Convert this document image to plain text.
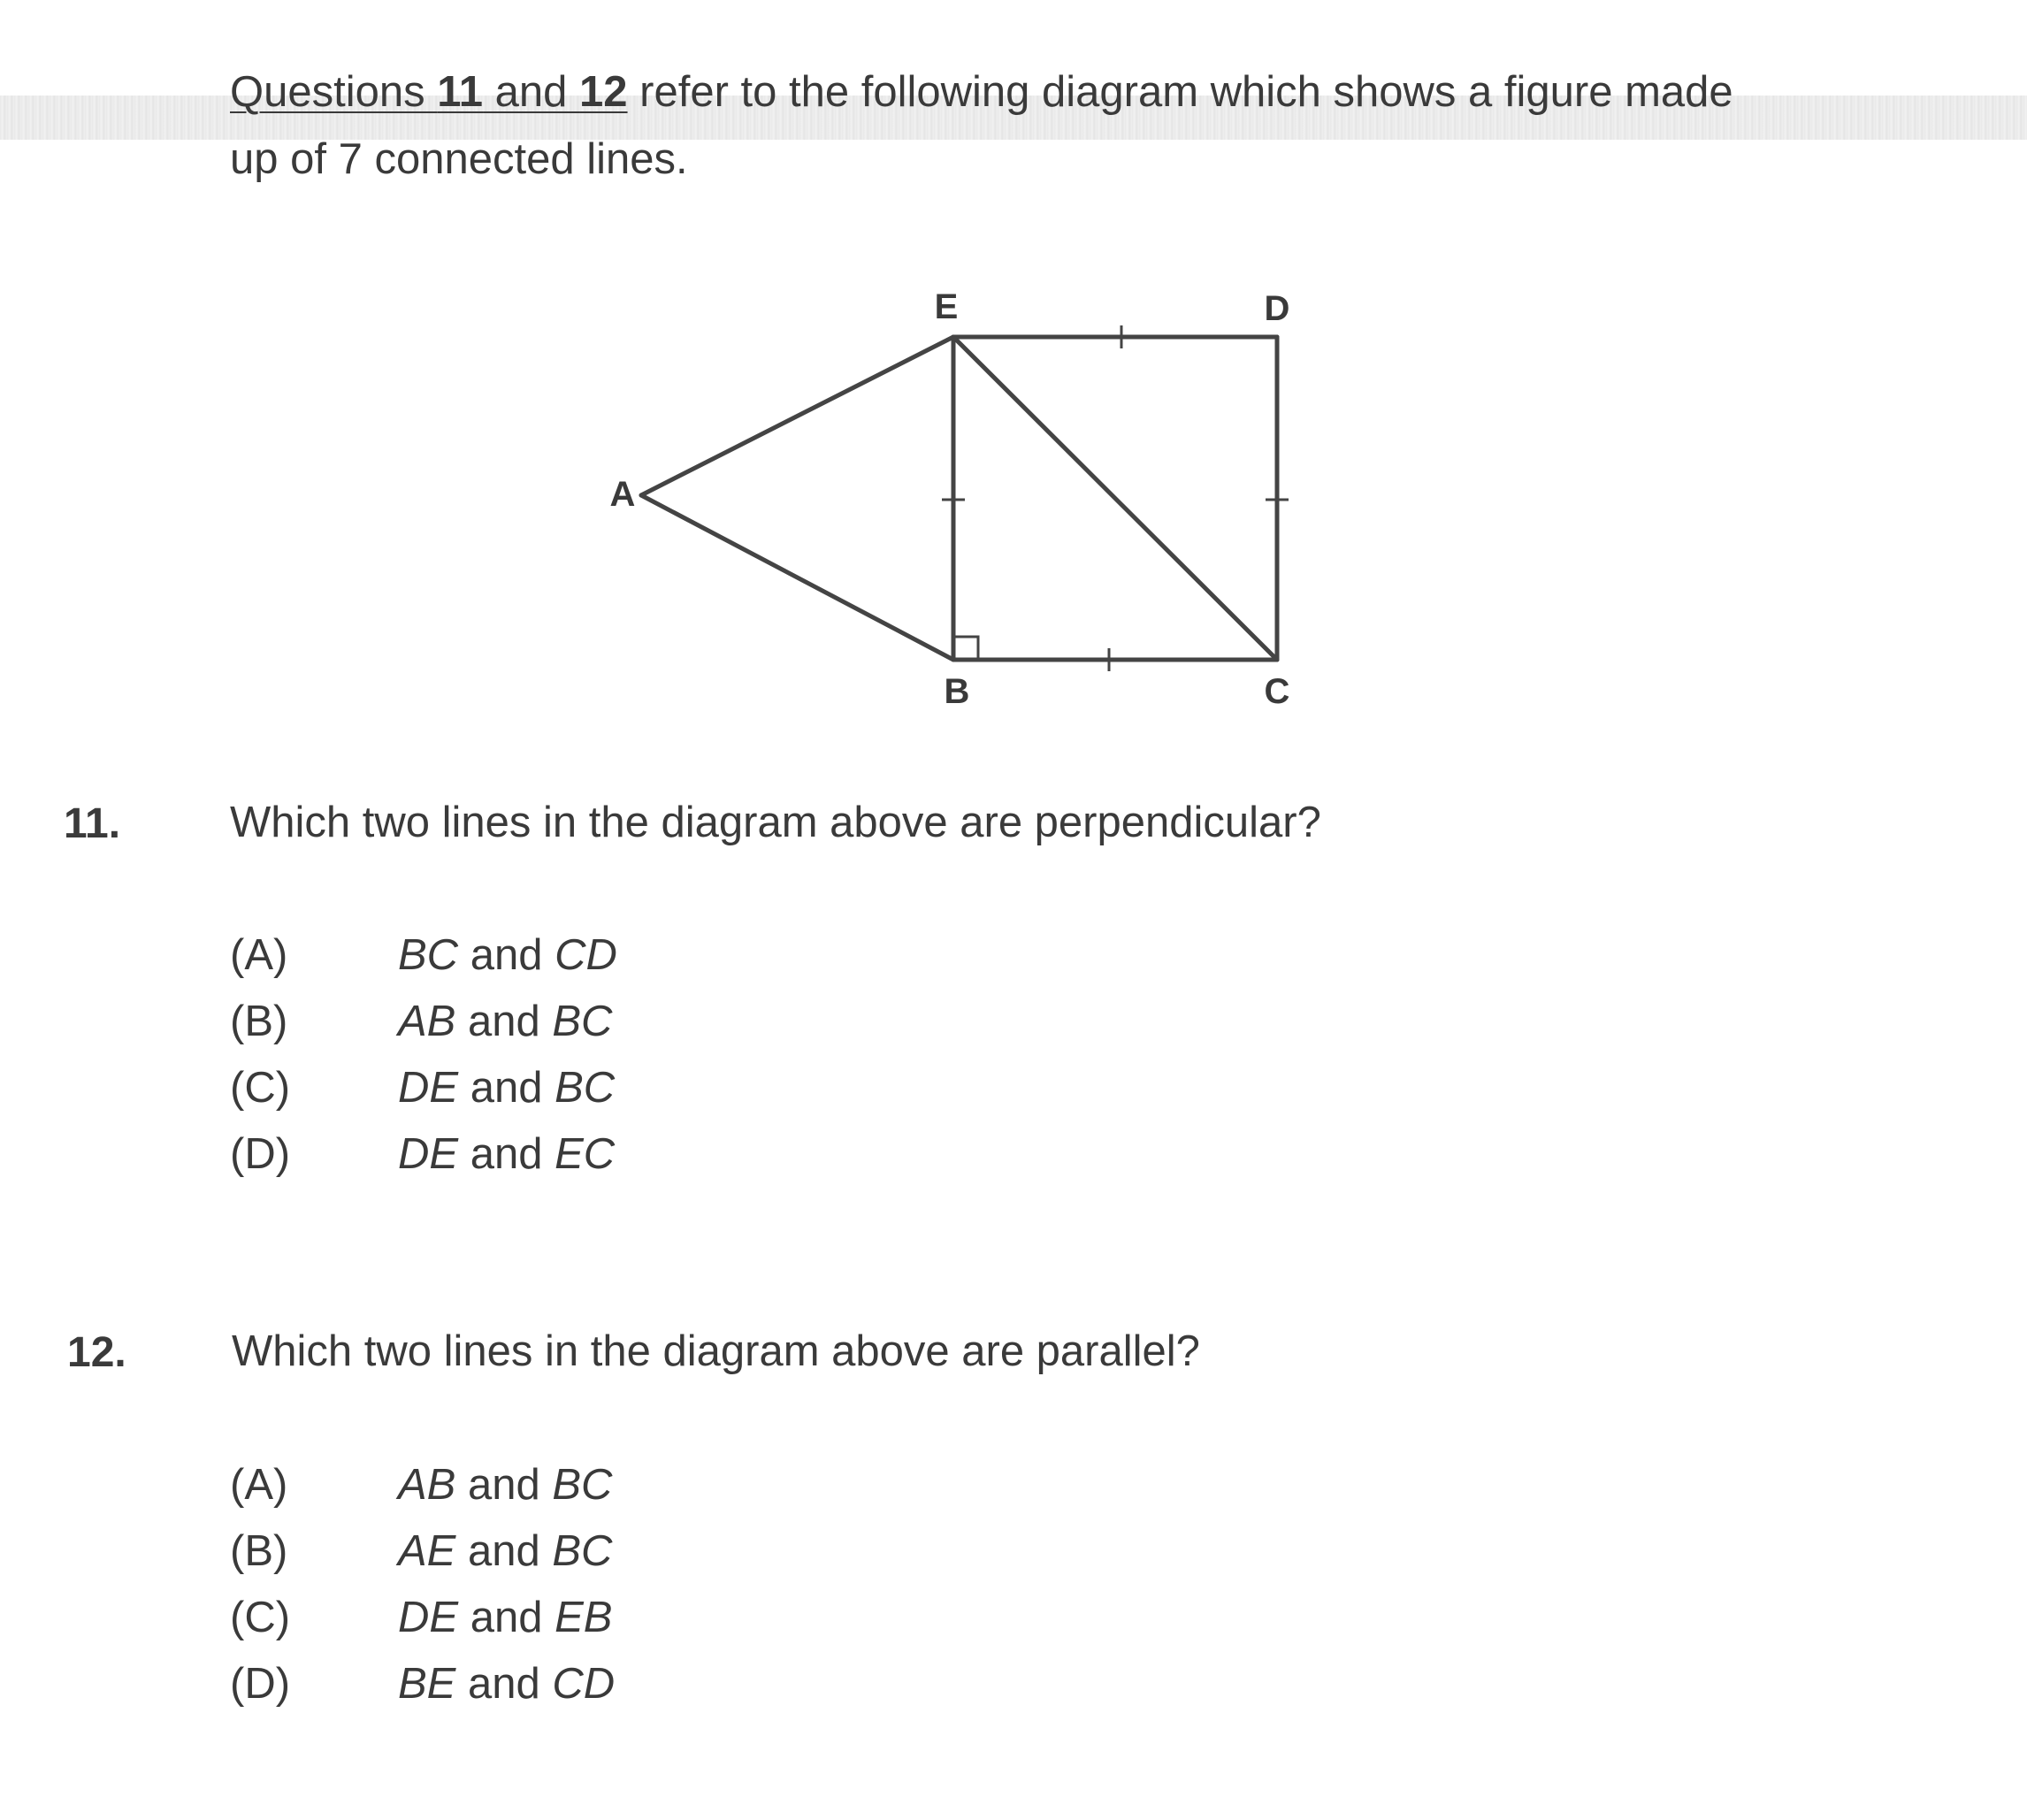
Questions 11 and 12 refer to the following diagram which shows a figure made
up of 7 connected lines.
E	D
A
B	C
11.	Which two lines in the diagram above are perpendicular?
(A)	BC and CD
(B)	AB and BC
(C) DE and BC
(D) DE and EC
12. Which two lines in the diagram above are parallel?
(A)	AB and BC
(B)	AE and BC
(C) DE and EB
(D) BE and CD
